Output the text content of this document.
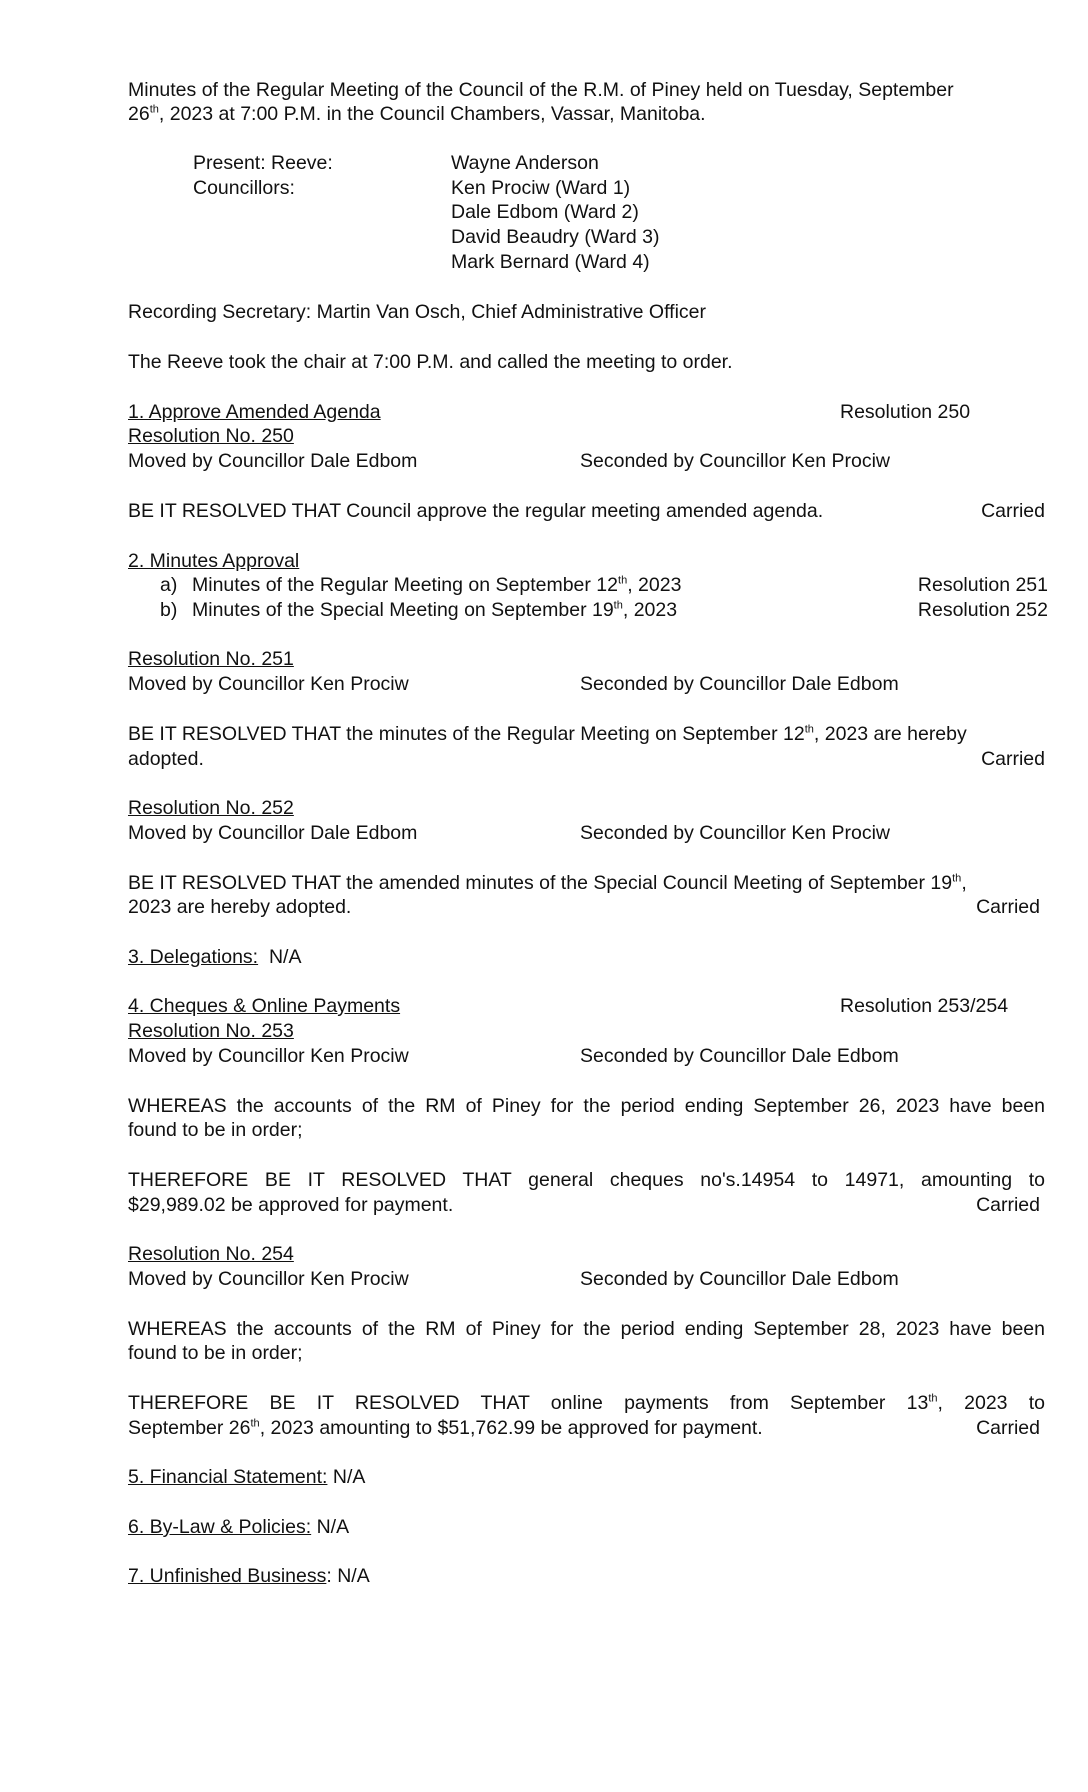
Minutes of the Regular Meeting of the Council of the R.M. of Piney held on Tuesday, September
26th, 2023 at 7:00 P.M. in the Council Chambers, Vassar, Manitoba.
Present: Reeve:	Wayne Anderson
Councillors:	Ken Prociw (Ward 1)
Dale Edbom (Ward 2)
David Beaudry (Ward 3)
Mark Bernard (Ward 4)
Recording Secretary: Martin Van Osch, Chief Administrative Officer
The Reeve took the chair at 7:00 P.M. and called the meeting to order.
1. Approve Amended Agenda	Resolution 250
Resolution No. 250
Moved by Councillor Dale Edbom	Seconded by Councillor Ken Prociw
BE IT RESOLVED THAT Council approve the regular meeting amended agenda.	Carried
2. Minutes Approval
a) Minutes of the Regular Meeting on September 12th, 2023	Resolution 251
b) Minutes of the Special Meeting on September 19th, 2023	Resolution 252
Resolution No. 251
Moved by Councillor Ken Prociw	Seconded by Councillor Dale Edbom
BE IT RESOLVED THAT the minutes of the Regular Meeting on September 12th, 2023 are hereby
adopted.	Carried
Resolution No. 252
Moved by Councillor Dale Edbom	Seconded by Councillor Ken Prociw
BE IT RESOLVED THAT the amended minutes of the Special Council Meeting of September 19th,
2023 are hereby adopted.	Carried
3. Delegations: N/A
4. Cheques & Online Payments	Resolution 253/254
Resolution No. 253
Moved by Councillor Ken Prociw	Seconded by Councillor Dale Edbom
WHEREAS the accounts of the RM of Piney for the period ending September 26, 2023 have been
found to be in order;
THEREFORE BE IT RESOLVED THAT general cheques no's.14954 to 14971, amounting to
$29,989.02 be approved for payment.	Carried
Resolution No. 254
Moved by Councillor Ken Prociw	Seconded by Councillor Dale Edbom
WHEREAS the accounts of the RM of Piney for the period ending September 28, 2023 have been
found to be in order;
THEREFORE BE IT RESOLVED THAT online payments from September 13th, 2023 to
September 26th, 2023 amounting to $51,762.99 be approved for payment.	Carried
5. Financial Statement: N/A
6. By-Law & Policies: N/A
7. Unfinished Business: N/A
